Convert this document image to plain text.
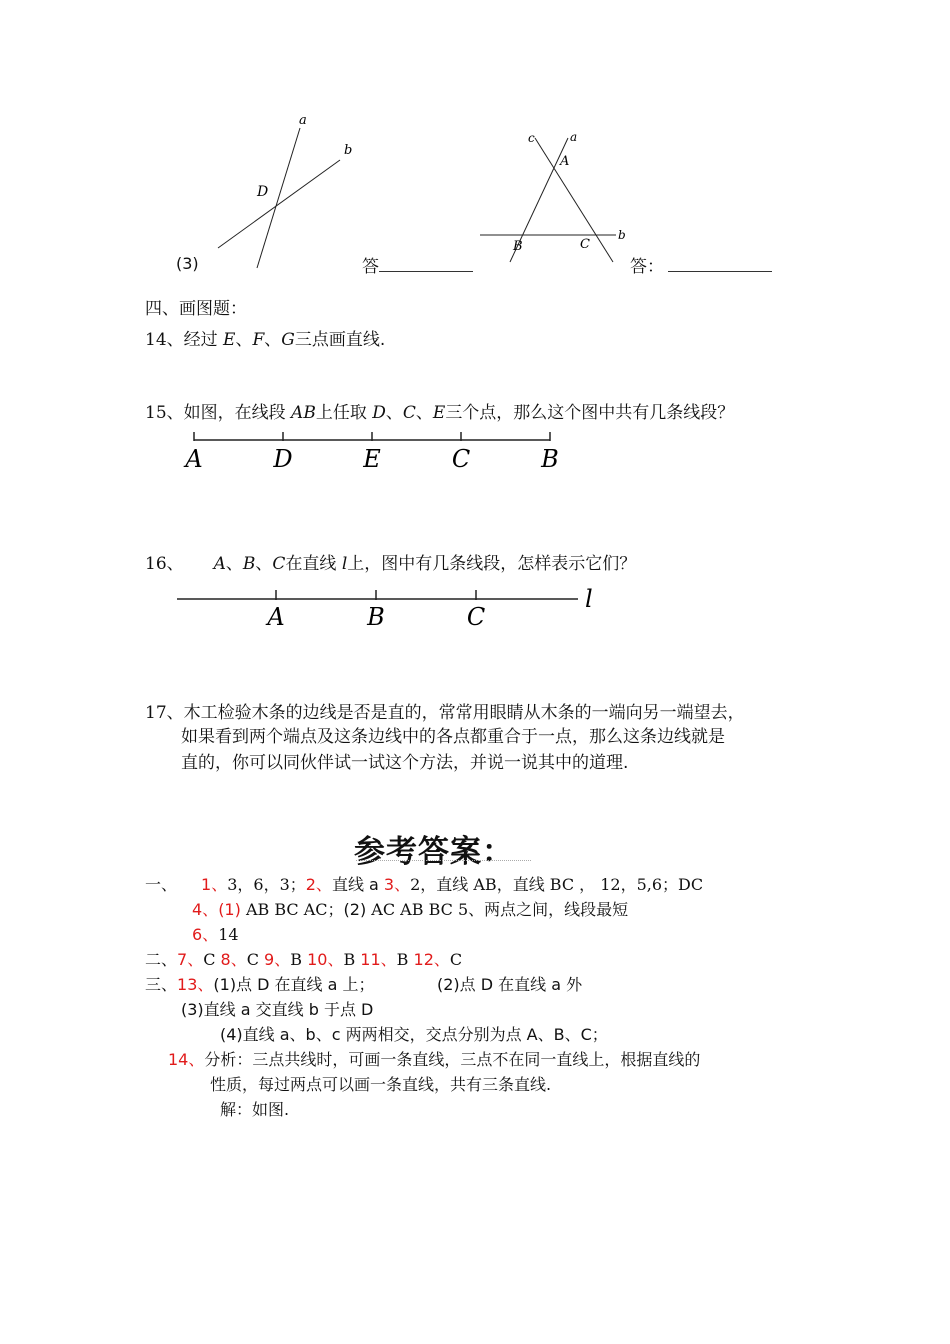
a
b
D
(3)	答
c	a
A
b
B	C
答：
四、画图题：
14、经过 E、F、G三点画直线.
15、如图，在线段 AB上任取 D、C、E三个点，那么这个图中共有几条线段？
A	D	E	C	B
16、 A、B、C在直线 l上，图中有几条线段，怎样表示它们？
A	B	C
l
17、木工检验木条的边线是否是直的，常常用眼睛从木条的一端向另一端望去，
如果看到两个端点及这条边线中的各点都重合于一点，那么这条边线就是
直的，你可以同伙伴试一试这个方法，并说一说其中的道理.
参考答案：
一、 1、3，6，3；2、直线 a 3、2，直线 AB，直线 BC ， 12，5,6；DC
4、(1) AB BC AC；(2) AC AB BC 5、两点之间，线段最短
6、14
二、7、C 8、C 9、B 10、B 11、B 12、C
三、13、(1)点 D 在直线 a 上；	(2)点 D 在直线 a 外
(3)直线 a 交直线 b 于点 D
(4)直线 a、b、c 两两相交，交点分别为点 A、B、C；
14、分析：三点共线时，可画一条直线，三点不在同一直线上，根据直线的
性质，每过两点可以画一条直线，共有三条直线.
解：如图.
